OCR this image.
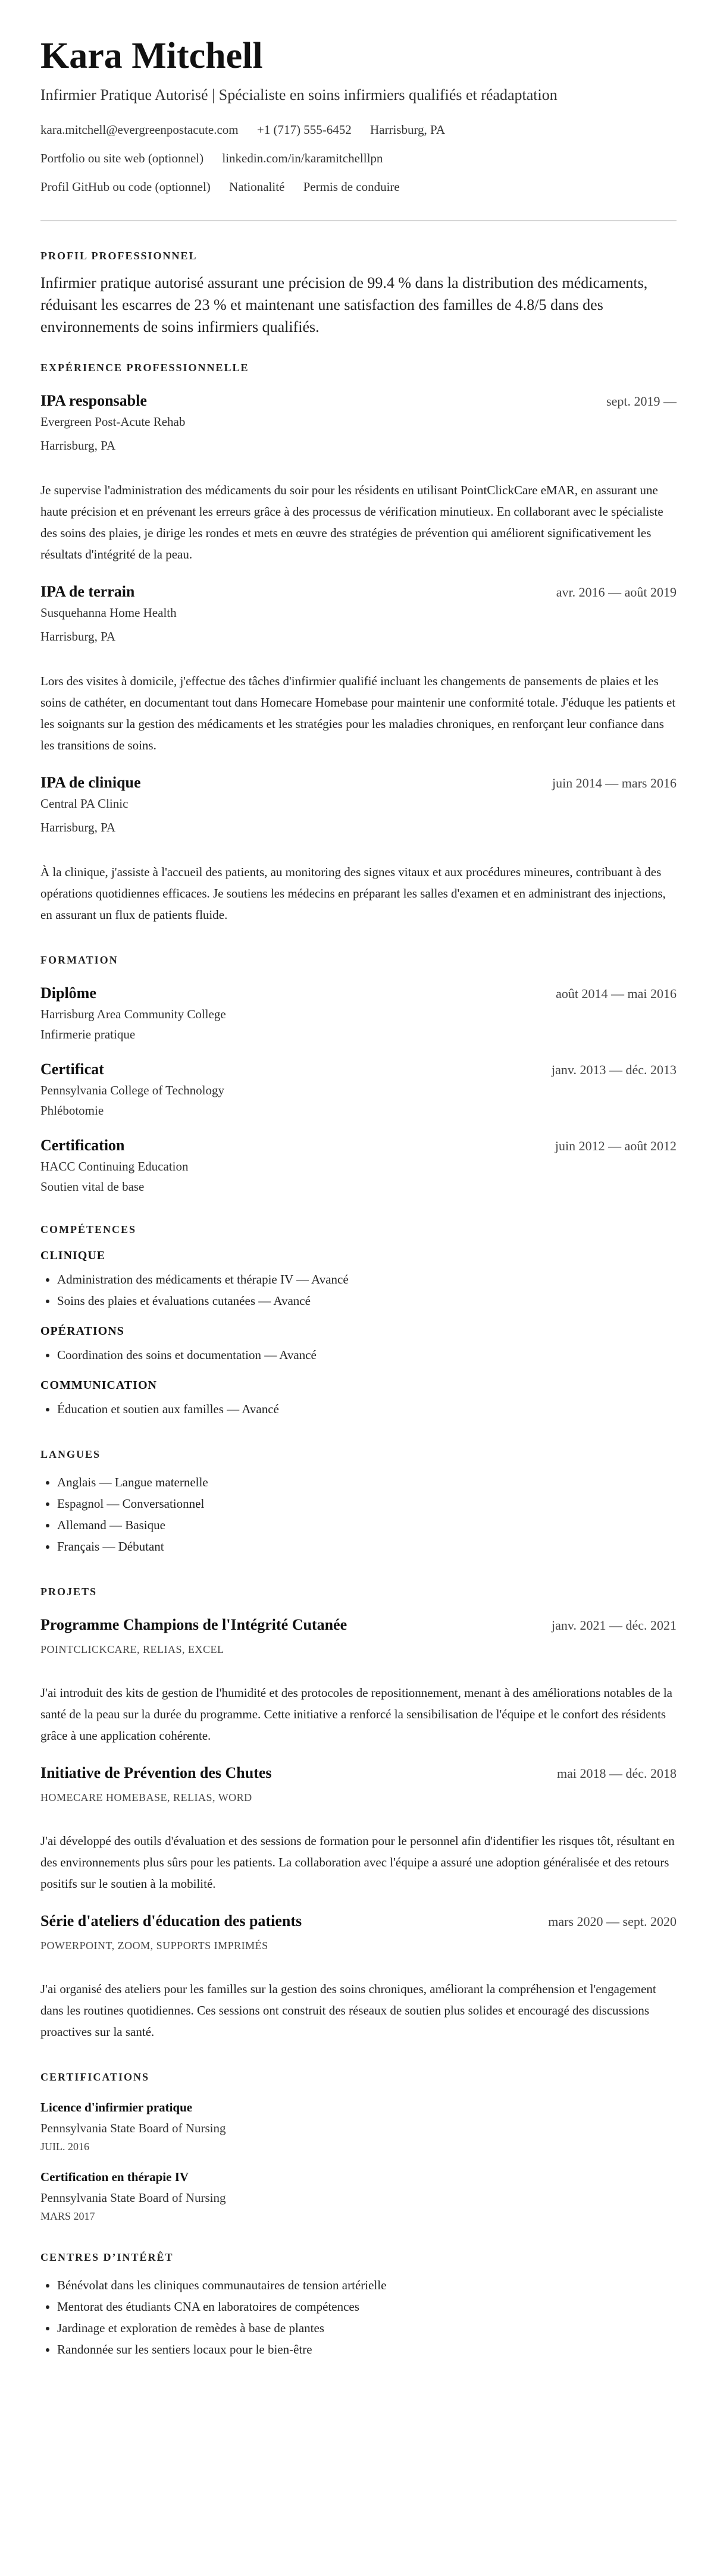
Kara Mitchell
Infirmier Pratique Autorisé | Spécialiste en soins infirmiers qualifiés et réadaptation
kara.mitchell@evergreenpostacute.com +1 (717) 555-6452 Harrisburg, PA
Portfolio ou site web (optionnel) linkedin.com/in/karamitchelllpn
Profil GitHub ou code (optionnel) Nationalité Permis de conduire
PROFIL PROFESSIONNEL

Infirmier pratique autorisé assurant une précision de 99.4 % dans la distribution des médicaments, réduisant les escarres de 23 % et maintenant une satisfaction des familles de 4.8/5 dans des environnements de soins infirmiers qualifiés.

EXPÉRIENCE PROFESSIONNELLE
IPA responsable	sept. 2019 —
Evergreen Post-Acute Rehab
Harrisburg, PA
Je supervise l'administration des médicaments du soir pour les résidents en utilisant PointClickCare eMAR, en assurant une haute précision et en prévenant les erreurs grâce à des processus de vérification minutieux. En collaborant avec le spécialiste des soins des plaies, je dirige les rondes et mets en œuvre des stratégies de prévention qui améliorent significativement les résultats d'intégrité de la peau.
IPA de terrain	avr. 2016 — août 2019
Susquehanna Home Health
Harrisburg, PA
Lors des visites à domicile, j'effectue des tâches d'infirmier qualifié incluant les changements de pansements de plaies et les soins de cathéter, en documentant tout dans Homecare Homebase pour maintenir une conformité totale. J'éduque les patients et les soignants sur la gestion des médicaments et les stratégies pour les maladies chroniques, en renforçant leur confiance dans les transitions de soins.
IPA de clinique	juin 2014 — mars 2016
Central PA Clinic
Harrisburg, PA
À la clinique, j'assiste à l'accueil des patients, au monitoring des signes vitaux et aux procédures mineures, contribuant à des opérations quotidiennes efficaces. Je soutiens les médecins en préparant les salles d'examen et en administrant des injections, en assurant un flux de patients fluide.
FORMATION
Diplôme	août 2014 — mai 2016
Harrisburg Area Community College
Infirmerie pratique
Certificat	janv. 2013 — déc. 2013
Pennsylvania College of Technology
Phlébotomie
Certification	juin 2012 — août 2012
HACC Continuing Education
Soutien vital de base
COMPÉTENCES
CLINIQUE
• Administration des médicaments et thérapie IV — Avancé
• Soins des plaies et évaluations cutanées — Avancé
OPÉRATIONS
• Coordination des soins et documentation — Avancé
COMMUNICATION
• Éducation et soutien aux familles — Avancé
LANGUES
• Anglais — Langue maternelle
• Espagnol — Conversationnel
• Allemand — Basique
• Français — Débutant
PROJETS
Programme Champions de l'Intégrité Cutanée	janv. 2021 — déc. 2021
POINTCLICKCARE, RELIAS, EXCEL
J'ai introduit des kits de gestion de l'humidité et des protocoles de repositionnement, menant à des améliorations notables de la santé de la peau sur la durée du programme. Cette initiative a renforcé la sensibilisation de l'équipe et le confort des résidents grâce à une application cohérente.
Initiative de Prévention des Chutes	mai 2018 — déc. 2018
HOMECARE HOMEBASE, RELIAS, WORD
J'ai développé des outils d'évaluation et des sessions de formation pour le personnel afin d'identifier les risques tôt, résultant en des environnements plus sûrs pour les patients. La collaboration avec l'équipe a assuré une adoption généralisée et des retours positifs sur le soutien à la mobilité.
Série d'ateliers d'éducation des patients	mars 2020 — sept. 2020
POWERPOINT, ZOOM, SUPPORTS IMPRIMÉS
J'ai organisé des ateliers pour les familles sur la gestion des soins chroniques, améliorant la compréhension et l'engagement dans les routines quotidiennes. Ces sessions ont construit des réseaux de soutien plus solides et encouragé des discussions proactives sur la santé.
CERTIFICATIONS
Licence d'infirmier pratique
Pennsylvania State Board of Nursing
JUIL. 2016
Certification en thérapie IV
Pennsylvania State Board of Nursing
MARS 2017
CENTRES D’INTÉRÊT
• Bénévolat dans les cliniques communautaires de tension artérielle
• Mentorat des étudiants CNA en laboratoires de compétences
• Jardinage et exploration de remèdes à base de plantes
• Randonnée sur les sentiers locaux pour le bien-être
